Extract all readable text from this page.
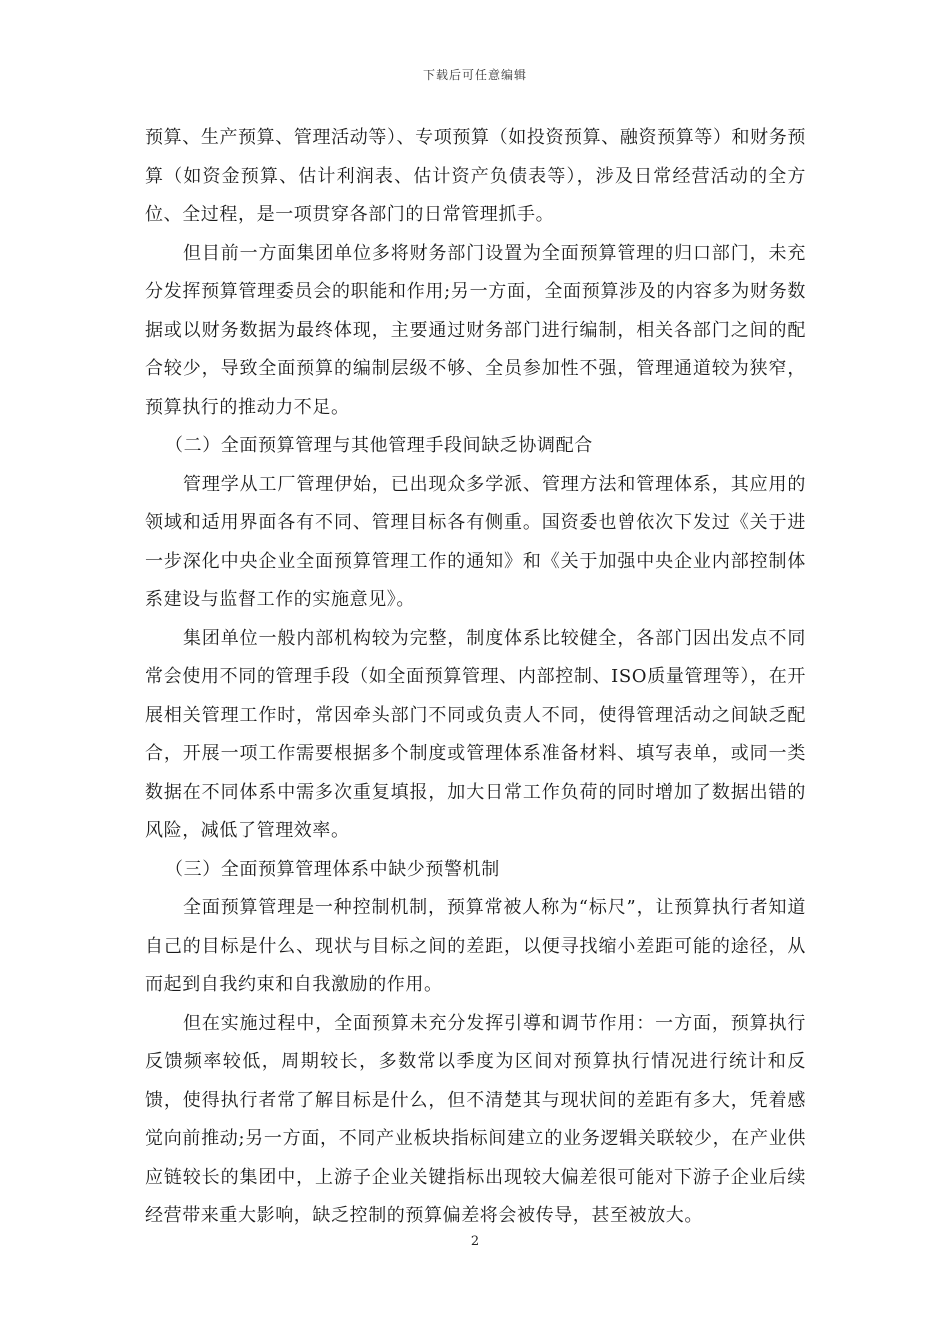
下载后可任意编辑

预算、生产预算、管理活动等）、专项预算（如投资预算、融资预算等）和财务预算（如资金预算、估计利润表、估计资产负债表等），涉及日常经营活动的全方位、全过程，是一项贯穿各部门的日常管理抓手。

但目前一方面集团单位多将财务部门设置为全面预算管理的归口部门，未充分发挥预算管理委员会的职能和作用;另一方面，全面预算涉及的内容多为财务数据或以财务数据为最终体现，主要通过财务部门进行编制，相关各部门之间的配合较少，导致全面预算的编制层级不够、全员参加性不强，管理通道较为狭窄，预算执行的推动力不足。

（二）全面预算管理与其他管理手段间缺乏协调配合

管理学从工厂管理伊始，已出现众多学派、管理方法和管理体系，其应用的领域和适用界面各有不同、管理目标各有侧重。国资委也曾依次下发过《关于进一步深化中央企业全面预算管理工作的通知》和《关于加强中央企业内部控制体系建设与监督工作的实施意见》。

集团单位一般内部机构较为完整，制度体系比较健全，各部门因出发点不同常会使用不同的管理手段（如全面预算管理、内部控制、ISO质量管理等），在开展相关管理工作时，常因牵头部门不同或负责人不同，使得管理活动之间缺乏配合，开展一项工作需要根据多个制度或管理体系准备材料、填写表单，或同一类数据在不同体系中需多次重复填报，加大日常工作负荷的同时增加了数据出错的风险，减低了管理效率。

（三）全面预算管理体系中缺少预警机制

全面预算管理是一种控制机制，预算常被人称为“标尺”，让预算执行者知道自己的目标是什么、现状与目标之间的差距，以便寻找缩小差距可能的途径，从而起到自我约束和自我激励的作用。

但在实施过程中，全面预算未充分发挥引導和调节作用：一方面，预算执行反馈频率较低，周期较长，多数常以季度为区间对预算执行情况进行统计和反馈，使得执行者常了解目标是什么，但不清楚其与现状间的差距有多大，凭着感觉向前推动;另一方面，不同产业板块指标间建立的业务逻辑关联较少，在产业供应链较长的集团中，上游子企业关键指标出现较大偏差很可能对下游子企业后续经营带来重大影响，缺乏控制的预算偏差将会被传导，甚至被放大。

2
